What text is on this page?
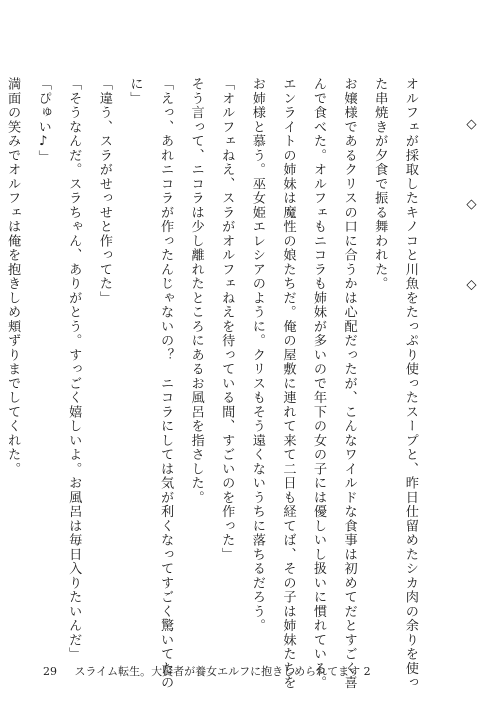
◇　◇　◇
オルフェが採取したキノコと川魚をたっぷり使ったスープと、昨日仕留めたシカ肉の余りを使っ
た串焼きが夕食で振る舞われた。
お嬢様であるクリスの口に合うかは心配だったが、こんなワイルドな食事は初めてだとすごく喜
んで食べた。オルフェもニコラも姉妹が多いので年下の女の子には優しいし扱いに慣れている。
エンライトの姉妹は魔性の娘たちだ。俺の屋敷に連れて来て二日も経てば、その子は姉妹たちを
お姉様と慕う。巫女姫エレシアのように。クリスもそう遠くないうちに落ちるだろう。
「オルフェねえ、スラがオルフェねえを待っている間、すごいのを作った」
そう言って、ニコラは少し離れたところにあるお風呂を指さした。
「えっ、あれニコラが作ったんじゃないの？　ニコラにしては気が利くなってすごく驚いてたの
に」
「違う、スラがせっせと作ってた」
「そうなんだ。スラちゃん、ありがとう。すっごく嬉しいよ。お風呂は毎日入りたいんだ」
「ぴゅい♪」
満面の笑みでオルフェは俺を抱きしめ頬ずりまでしてくれた。
29 スライム転生。大賢者が養女エルフに抱きしめられてます 2
